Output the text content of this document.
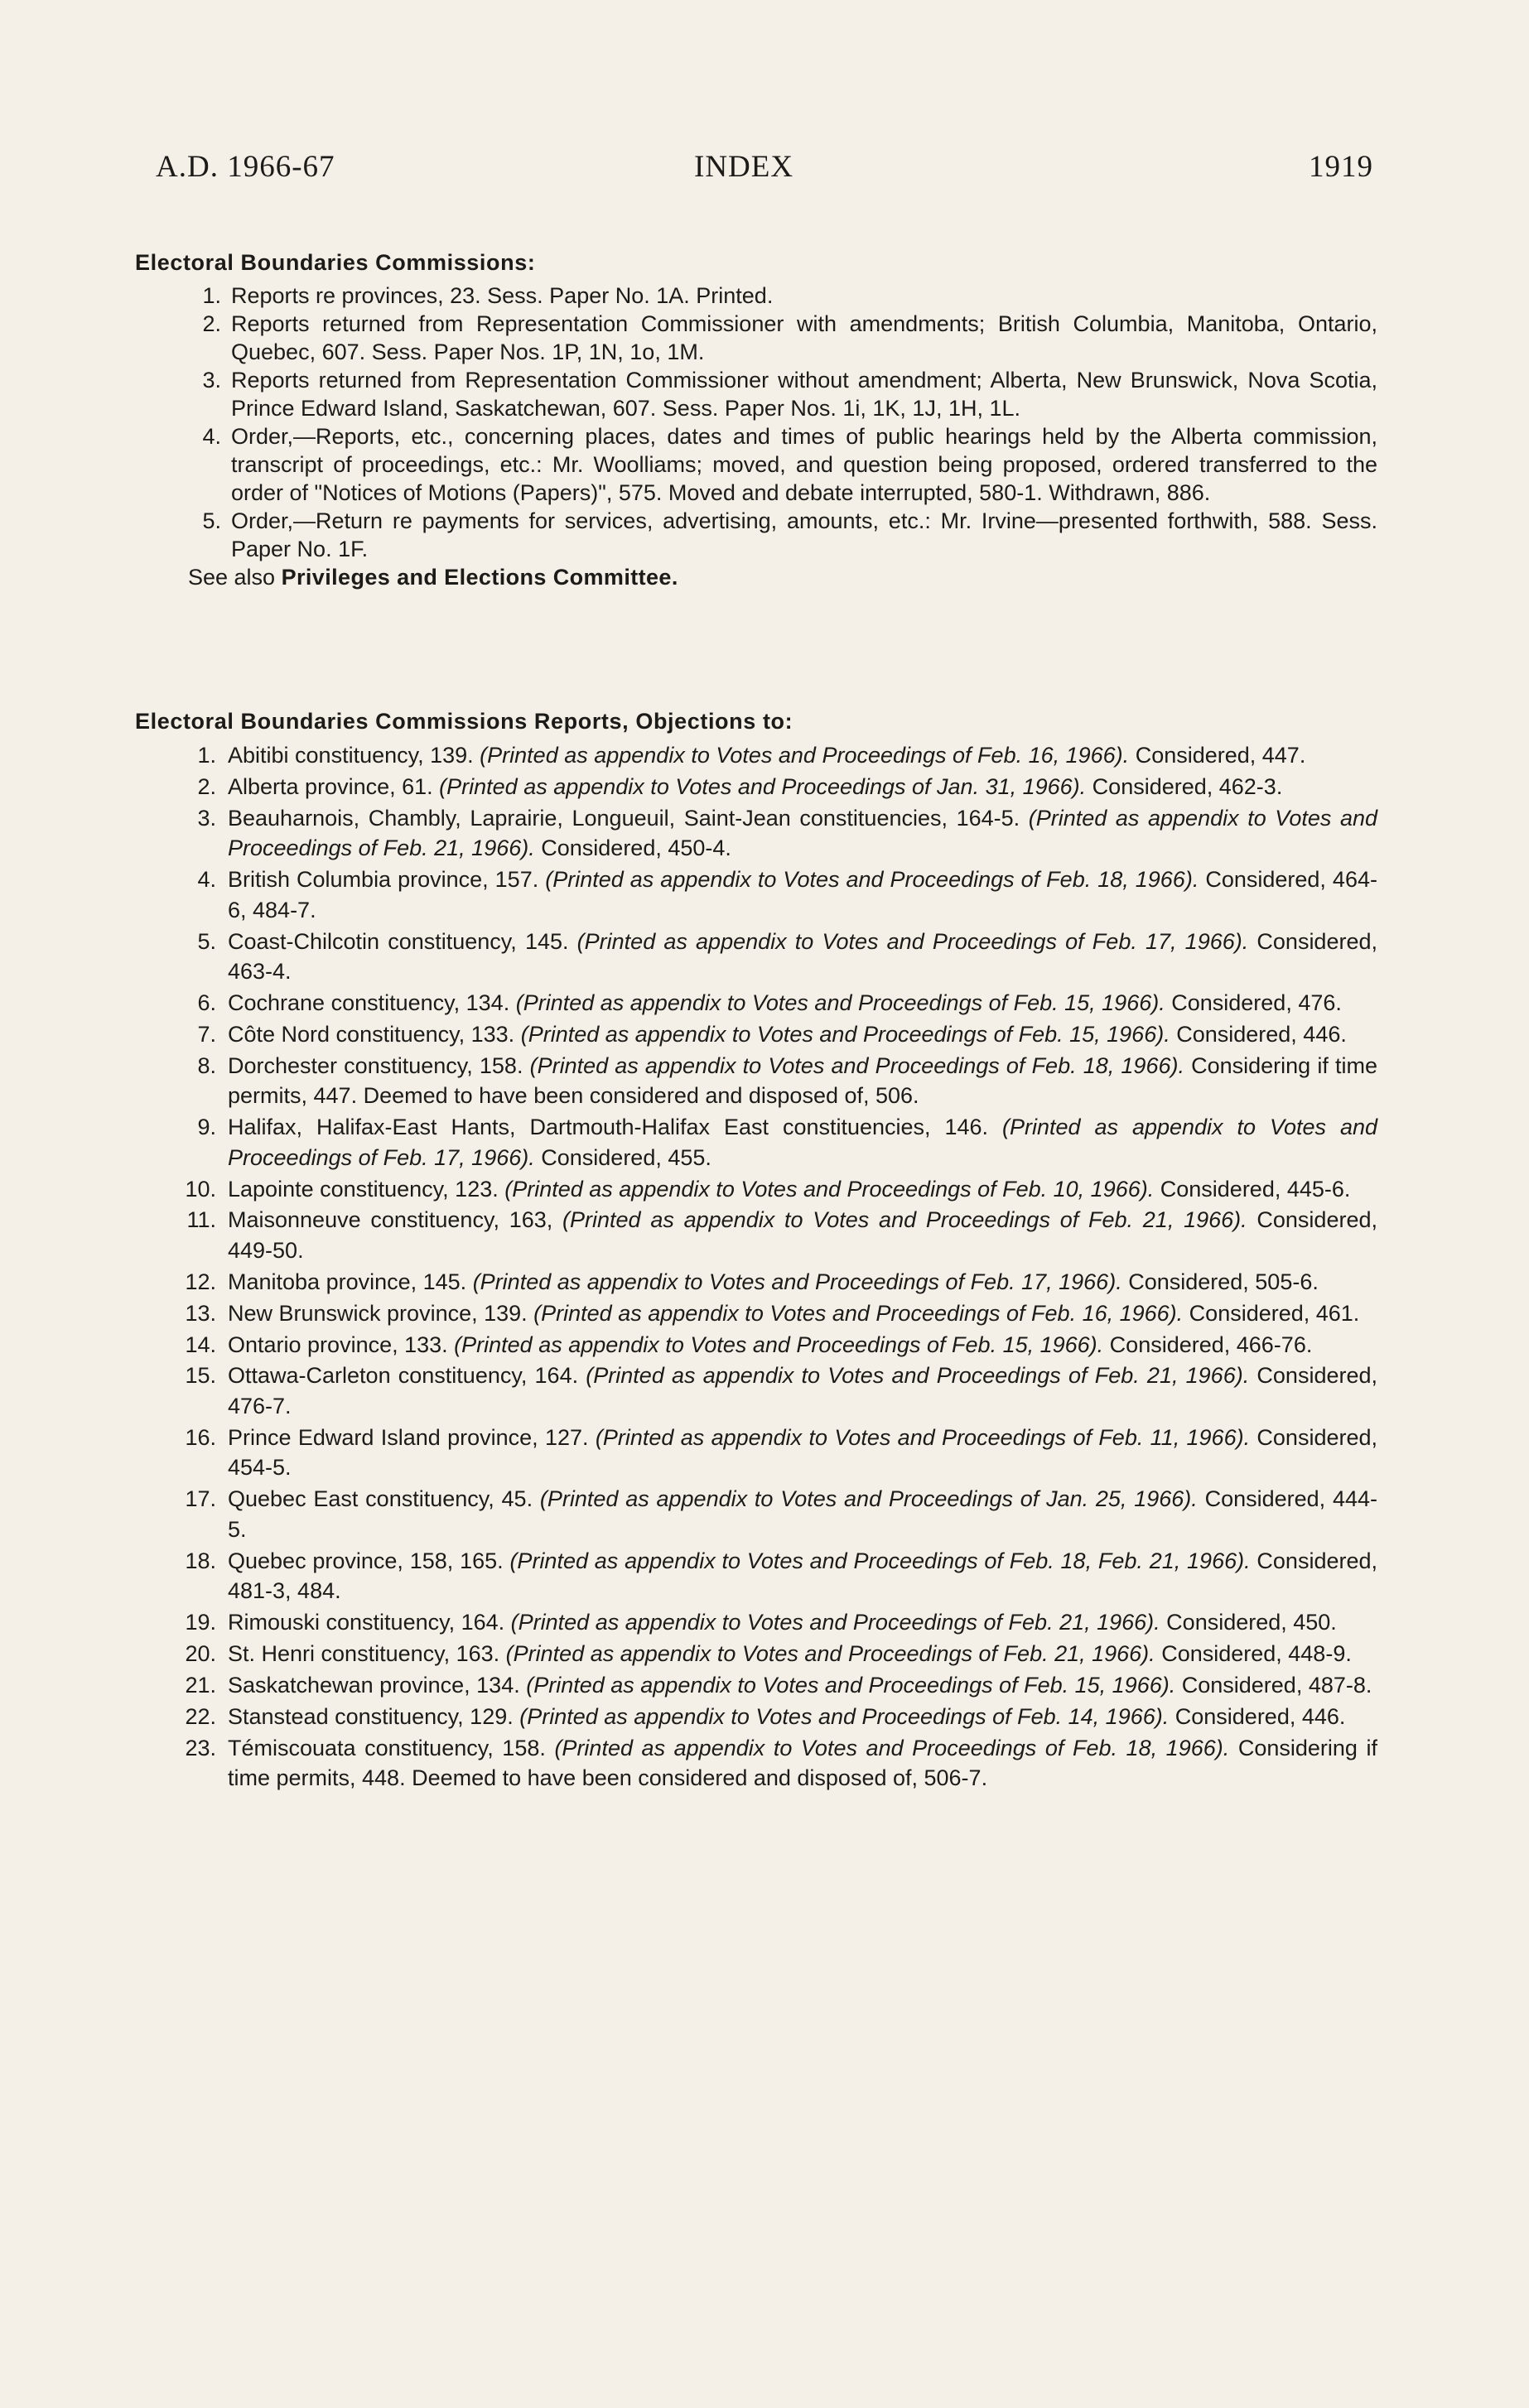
A.D. 1966-67	INDEX	1919
Electoral Boundaries Commissions:
1. Reports re provinces, 23. Sess. Paper No. 1A. Printed.
2. Reports returned from Representation Commissioner with amendments; British Columbia, Manitoba, Ontario, Quebec, 607. Sess. Paper Nos. 1P, 1N, 1o, 1M.
3. Reports returned from Representation Commissioner without amendment; Alberta, New Brunswick, Nova Scotia, Prince Edward Island, Saskatchewan, 607. Sess. Paper Nos. 1i, 1K, 1J, 1H, 1L.
4. Order,—Reports, etc., concerning places, dates and times of public hearings held by the Alberta commission, transcript of proceedings, etc.: Mr. Woolliams; moved, and question being proposed, ordered transferred to the order of "Notices of Motions (Papers)", 575. Moved and debate interrupted, 580-1. Withdrawn, 886.
5. Order,—Return re payments for services, advertising, amounts, etc.: Mr. Irvine—presented forthwith, 588. Sess. Paper No. 1F.
See also Privileges and Elections Committee.
Electoral Boundaries Commissions Reports, Objections to:
1. Abitibi constituency, 139. (Printed as appendix to Votes and Proceedings of Feb. 16, 1966). Considered, 447.
2. Alberta province, 61. (Printed as appendix to Votes and Proceedings of Jan. 31, 1966). Considered, 462-3.
3. Beauharnois, Chambly, Laprairie, Longueuil, Saint-Jean constituencies, 164-5. (Printed as appendix to Votes and Proceedings of Feb. 21, 1966). Considered, 450-4.
4. British Columbia province, 157. (Printed as appendix to Votes and Proceedings of Feb. 18, 1966). Considered, 464-6, 484-7.
5. Coast-Chilcotin constituency, 145. (Printed as appendix to Votes and Proceedings of Feb. 17, 1966). Considered, 463-4.
6. Cochrane constituency, 134. (Printed as appendix to Votes and Proceedings of Feb. 15, 1966). Considered, 476.
7. Côte Nord constituency, 133. (Printed as appendix to Votes and Proceedings of Feb. 15, 1966). Considered, 446.
8. Dorchester constituency, 158. (Printed as appendix to Votes and Proceedings of Feb. 18, 1966). Considering if time permits, 447. Deemed to have been considered and disposed of, 506.
9. Halifax, Halifax-East Hants, Dartmouth-Halifax East constituencies, 146. (Printed as appendix to Votes and Proceedings of Feb. 17, 1966). Considered, 455.
10. Lapointe constituency, 123. (Printed as appendix to Votes and Proceedings of Feb. 10, 1966). Considered, 445-6.
11. Maisonneuve constituency, 163, (Printed as appendix to Votes and Proceedings of Feb. 21, 1966). Considered, 449-50.
12. Manitoba province, 145. (Printed as appendix to Votes and Proceedings of Feb. 17, 1966). Considered, 505-6.
13. New Brunswick province, 139. (Printed as appendix to Votes and Proceedings of Feb. 16, 1966). Considered, 461.
14. Ontario province, 133. (Printed as appendix to Votes and Proceedings of Feb. 15, 1966). Considered, 466-76.
15. Ottawa-Carleton constituency, 164. (Printed as appendix to Votes and Proceedings of Feb. 21, 1966). Considered, 476-7.
16. Prince Edward Island province, 127. (Printed as appendix to Votes and Proceedings of Feb. 11, 1966). Considered, 454-5.
17. Quebec East constituency, 45. (Printed as appendix to Votes and Proceedings of Jan. 25, 1966). Considered, 444-5.
18. Quebec province, 158, 165. (Printed as appendix to Votes and Proceedings of Feb. 18, Feb. 21, 1966). Considered, 481-3, 484.
19. Rimouski constituency, 164. (Printed as appendix to Votes and Proceedings of Feb. 21, 1966). Considered, 450.
20. St. Henri constituency, 163. (Printed as appendix to Votes and Proceedings of Feb. 21, 1966). Considered, 448-9.
21. Saskatchewan province, 134. (Printed as appendix to Votes and Proceedings of Feb. 15, 1966). Considered, 487-8.
22. Stanstead constituency, 129. (Printed as appendix to Votes and Proceedings of Feb. 14, 1966). Considered, 446.
23. Témiscouata constituency, 158. (Printed as appendix to Votes and Proceedings of Feb. 18, 1966). Considering if time permits, 448. Deemed to have been considered and disposed of, 506-7.
